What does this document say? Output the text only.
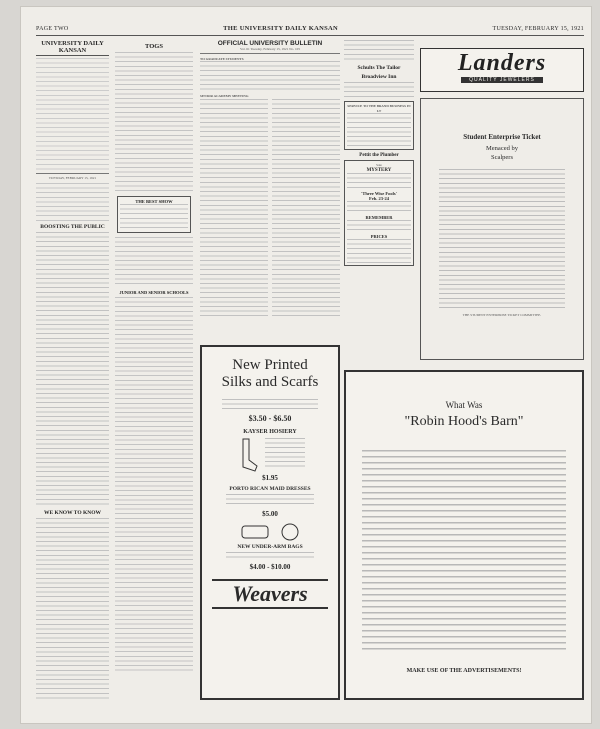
PAGE TWO	THE UNIVERSITY DAILY KANSAN	TUESDAY, FEBRUARY 15, 1921
UNIVERSITY DAILY KANSAN
TUESDAY, FEBRUARY 15, 1921
BOOSTING THE PUBLIC
WE KNOW TO KNOW
TOGS
THE BEST SHOW
JUNIOR AND SENIOR SCHOOLS
OFFICIAL UNIVERSITY BULLETIN
Vol. 61 Tuesday, February 15, 1921 No. 105
TO GRADUATE STUDENTS
SENIOR ACADEMY MEETING
Schults The Tailor
Broadview Inn
SERVICE TO THE BRAND BUSINESS IN LT
Pettit the Plumber
Sale
MYSTERY
'Three Wise Fools'
Feb. 23-24
REMEMBER
PRICES
Landers
QUALITY JEWELERS
Student Enterprise Ticket
Menaced by
Scalpers
THE STUDENT ENTERPRISE TICKET COMMITTEE.
New Printed
Silks and Scarfs
$3.50 - $6.50
KAYSER HOSIERY
$1.95
PORTO RICAN MAID DRESSES
$5.00
NEW UNDER-ARM BAGS
$4.00 - $10.00
Weavers
What Was
"Robin Hood's Barn"
MAKE USE OF THE ADVERTISEMENTS!
